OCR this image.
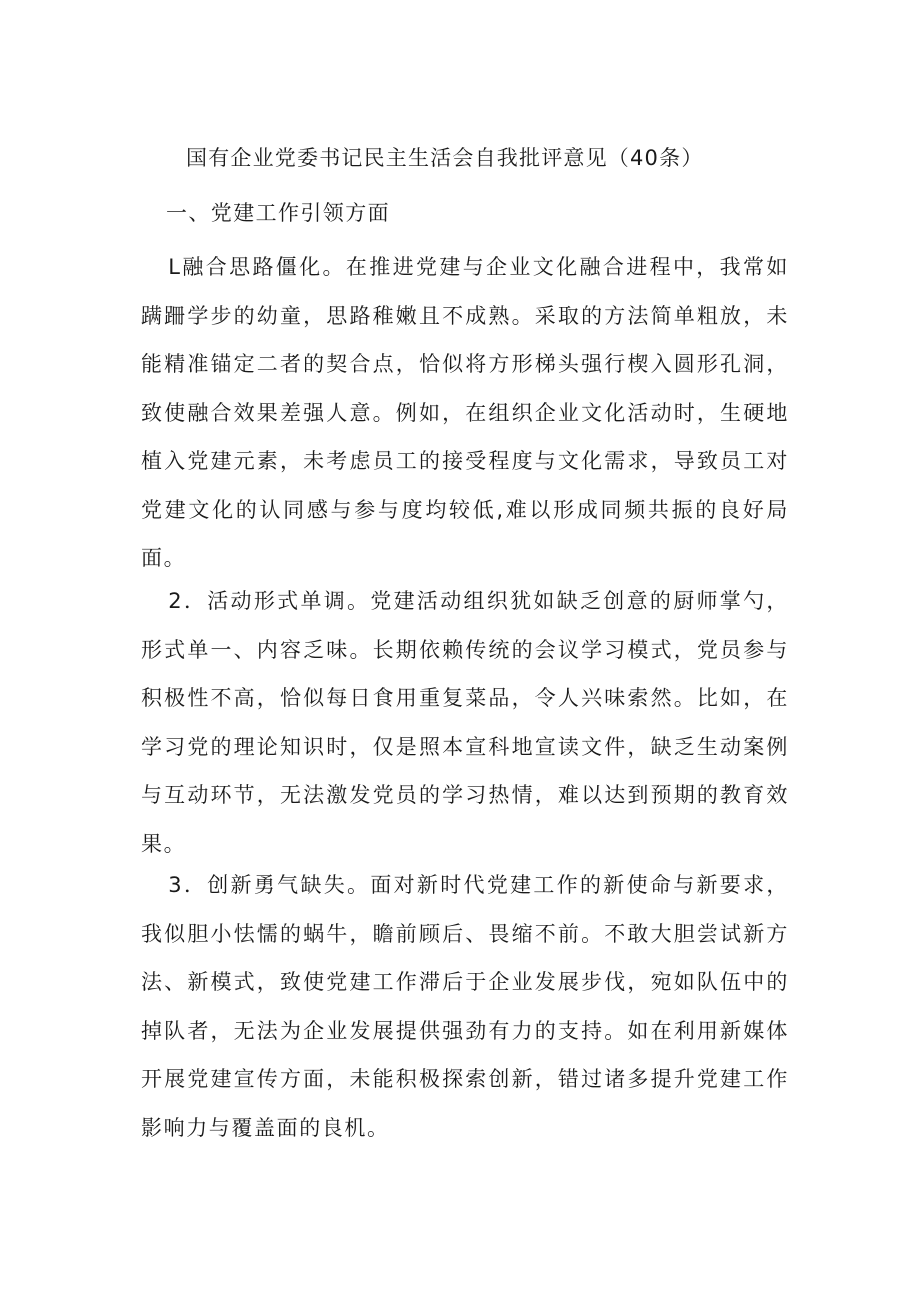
国有企业党委书记民主生活会自我批评意见（40条）
一、党建工作引领方面

L融合思路僵化。在推进党建与企业文化融合进程中，我常如蹒跚学步的幼童，思路稚嫩且不成熟。采取的方法简单粗放，未能精准锚定二者的契合点，恰似将方形梯头强行楔入圆形孔洞，致使融合效果差强人意。例如，在组织企业文化活动时，生硬地植入党建元素，未考虑员工的接受程度与文化需求，导致员工对党建文化的认同感与参与度均较低,难以形成同频共振的良好局面。

2．活动形式单调。党建活动组织犹如缺乏创意的厨师掌勺，形式单一、内容乏味。长期依赖传统的会议学习模式，党员参与积极性不高，恰似每日食用重复菜品，令人兴味索然。比如，在学习党的理论知识时，仅是照本宣科地宣读文件，缺乏生动案例与互动环节，无法激发党员的学习热情，难以达到预期的教育效果。

3．创新勇气缺失。面对新时代党建工作的新使命与新要求，我似胆小怯懦的蜗牛，瞻前顾后、畏缩不前。不敢大胆尝试新方法、新模式，致使党建工作滞后于企业发展步伐，宛如队伍中的掉队者，无法为企业发展提供强劲有力的支持。如在利用新媒体开展党建宣传方面，未能积极探索创新，错过诸多提升党建工作影响力与覆盖面的良机。
